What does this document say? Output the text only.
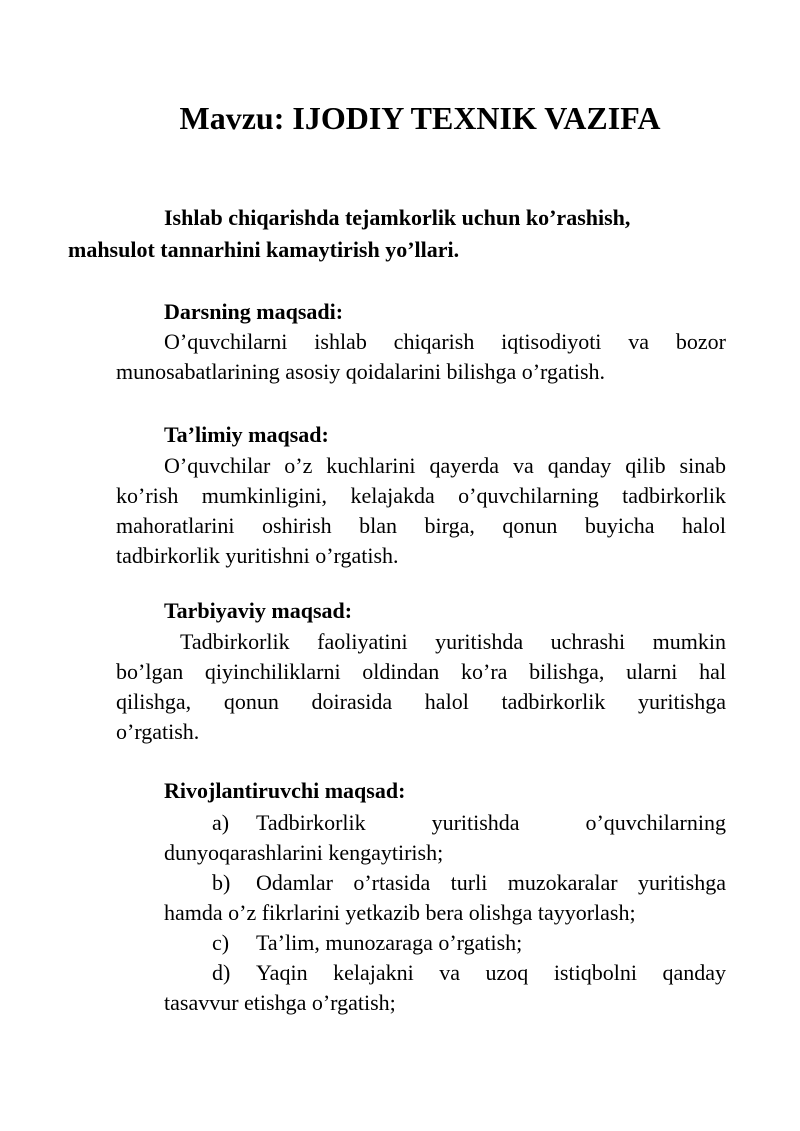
Mavzu: IJODIY TEXNIK VAZIFA
Ishlab chiqarishda tejamkorlik uchun ko’rashish,
mahsulot tannarhini kamaytirish yo’llari.
Darsning maqsadi:
O’quvchilarni ishlab chiqarish iqtisodiyoti va bozor
munosabatlarining asosiy qoidalarini bilishga o’rgatish.
Ta’limiy maqsad:
O’quvchilar o’z kuchlarini qayerda va qanday qilib sinab
ko’rish mumkinligini, kelajakda o’quvchilarning tadbirkorlik
mahoratlarini oshirish blan birga, qonun buyicha halol
tadbirkorlik yuritishni o’rgatish.
Tarbiyaviy maqsad:
Tadbirkorlik faoliyatini yuritishda uchrashi mumkin
bo’lgan qiyinchiliklarni oldindan ko’ra bilishga, ularni hal
qilishga, qonun doirasida halol tadbirkorlik yuritishga
o’rgatish.
Rivojlantiruvchi maqsad:
a) Tadbirkorlik yuritishda o’quvchilarning
dunyoqarashlarini kengaytirish;
b) Odamlar o’rtasida turli muzokaralar yuritishga
hamda o’z fikrlarini yetkazib bera olishga tayyorlash;
c) Ta’lim, munozaraga o’rgatish;
d) Yaqin kelajakni va uzoq istiqbolni qanday
tasavvur etishga o’rgatish;
